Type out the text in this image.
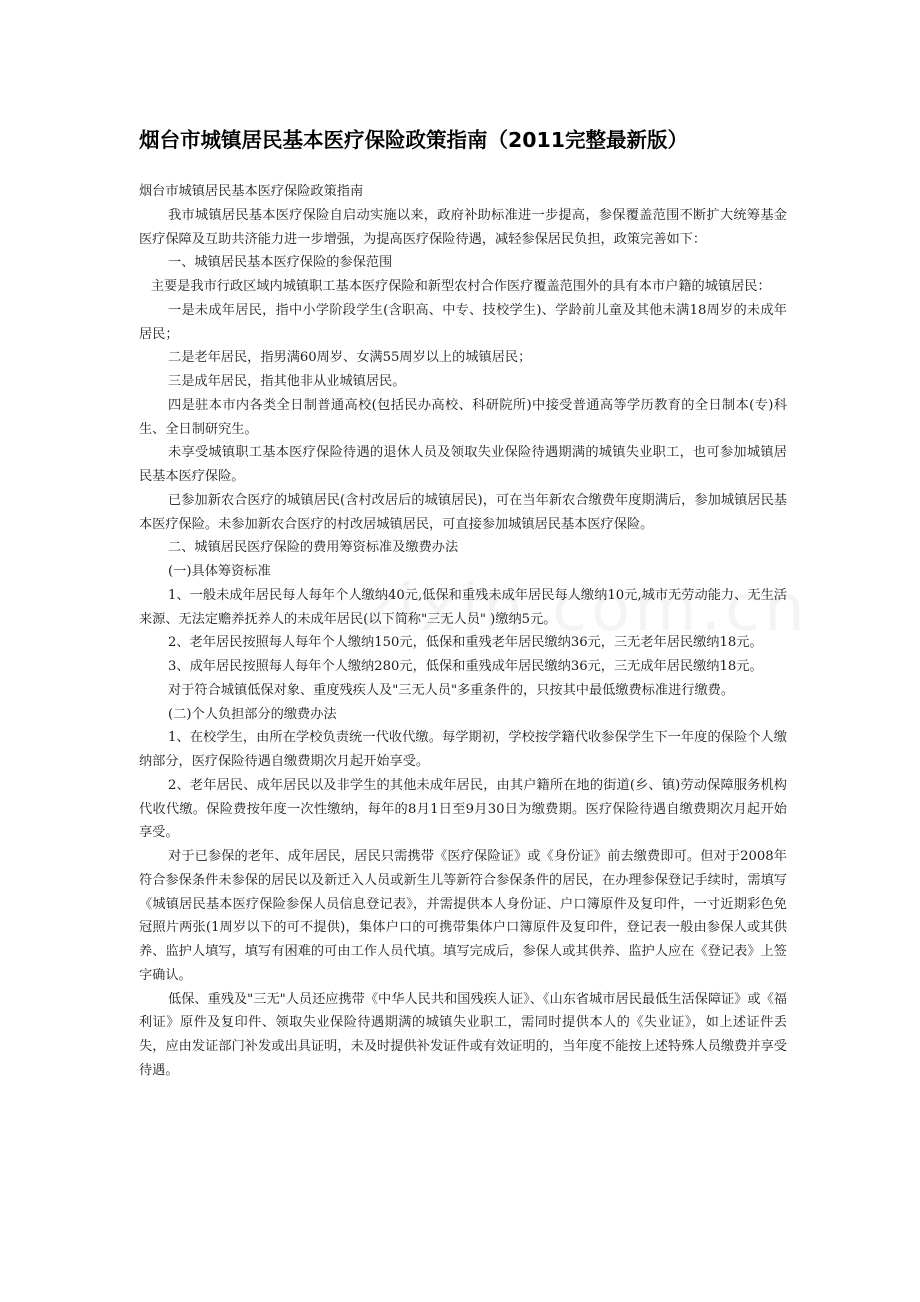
烟台市城镇居民基本医疗保险政策指南（2011完整最新版）

烟台市城镇居民基本医疗保险政策指南

我市城镇居民基本医疗保险自启动实施以来，政府补助标准进一步提高，参保覆盖范围不断扩大统筹基金医疗保障及互助共济能力进一步增强，为提高医疗保险待遇，减轻参保居民负担，政策完善如下：

一、城镇居民基本医疗保险的参保范围

主要是我市行政区域内城镇职工基本医疗保险和新型农村合作医疗覆盖范围外的具有本市户籍的城镇居民：

一是未成年居民，指中小学阶段学生(含职高、中专、技校学生)、学龄前儿童及其他未满18周岁的未成年居民；

二是老年居民，指男满60周岁、女满55周岁以上的城镇居民；

三是成年居民，指其他非从业城镇居民。

四是驻本市内各类全日制普通高校(包括民办高校、科研院所)中接受普通高等学历教育的全日制本(专)科生、全日制研究生。

未享受城镇职工基本医疗保险待遇的退休人员及领取失业保险待遇期满的城镇失业职工，也可参加城镇居民基本医疗保险。

已参加新农合医疗的城镇居民(含村改居后的城镇居民)，可在当年新农合缴费年度期满后，参加城镇居民基本医疗保险。未参加新农合医疗的村改居城镇居民，可直接参加城镇居民基本医疗保险。

二、城镇居民医疗保险的费用筹资标准及缴费办法

(一)具体筹资标准

1、一般未成年居民每人每年个人缴纳40元,低保和重残未成年居民每人缴纳10元,城市无劳动能力、无生活来源、无法定赡养抚养人的未成年居民(以下简称"三无人员" )缴纳5元。

2、老年居民按照每人每年个人缴纳150元，低保和重残老年居民缴纳36元，三无老年居民缴纳18元。

3、成年居民按照每人每年个人缴纳280元，低保和重残成年居民缴纳36元，三无成年居民缴纳18元。

对于符合城镇低保对象、重度残疾人及"三无人员"多重条件的，只按其中最低缴费标准进行缴费。

(二)个人负担部分的缴费办法

1、在校学生，由所在学校负责统一代收代缴。每学期初，学校按学籍代收参保学生下一年度的保险个人缴纳部分，医疗保险待遇自缴费期次月起开始享受。

2、老年居民、成年居民以及非学生的其他未成年居民，由其户籍所在地的街道(乡、镇)劳动保障服务机构代收代缴。保险费按年度一次性缴纳，每年的8月1日至9月30日为缴费期。医疗保险待遇自缴费期次月起开始享受。

对于已参保的老年、成年居民，居民只需携带《医疗保险证》或《身份证》前去缴费即可。但对于2008年符合参保条件未参保的居民以及新迁入人员或新生儿等新符合参保条件的居民，在办理参保登记手续时，需填写《城镇居民基本医疗保险参保人员信息登记表》，并需提供本人身份证、户口簿原件及复印件，一寸近期彩色免冠照片两张(1周岁以下的可不提供)，集体户口的可携带集体户口簿原件及复印件，登记表一般由参保人或其供养、监护人填写，填写有困难的可由工作人员代填。填写完成后，参保人或其供养、监护人应在《登记表》上签字确认。

低保、重残及"三无"人员还应携带《中华人民共和国残疾人证》、《山东省城市居民最低生活保障证》或《福利证》原件及复印件、领取失业保险待遇期满的城镇失业职工，需同时提供本人的《失业证》，如上述证件丢失，应由发证部门补发或出具证明，未及时提供补发证件或有效证明的，当年度不能按上述特殊人员缴费并享受待遇。
